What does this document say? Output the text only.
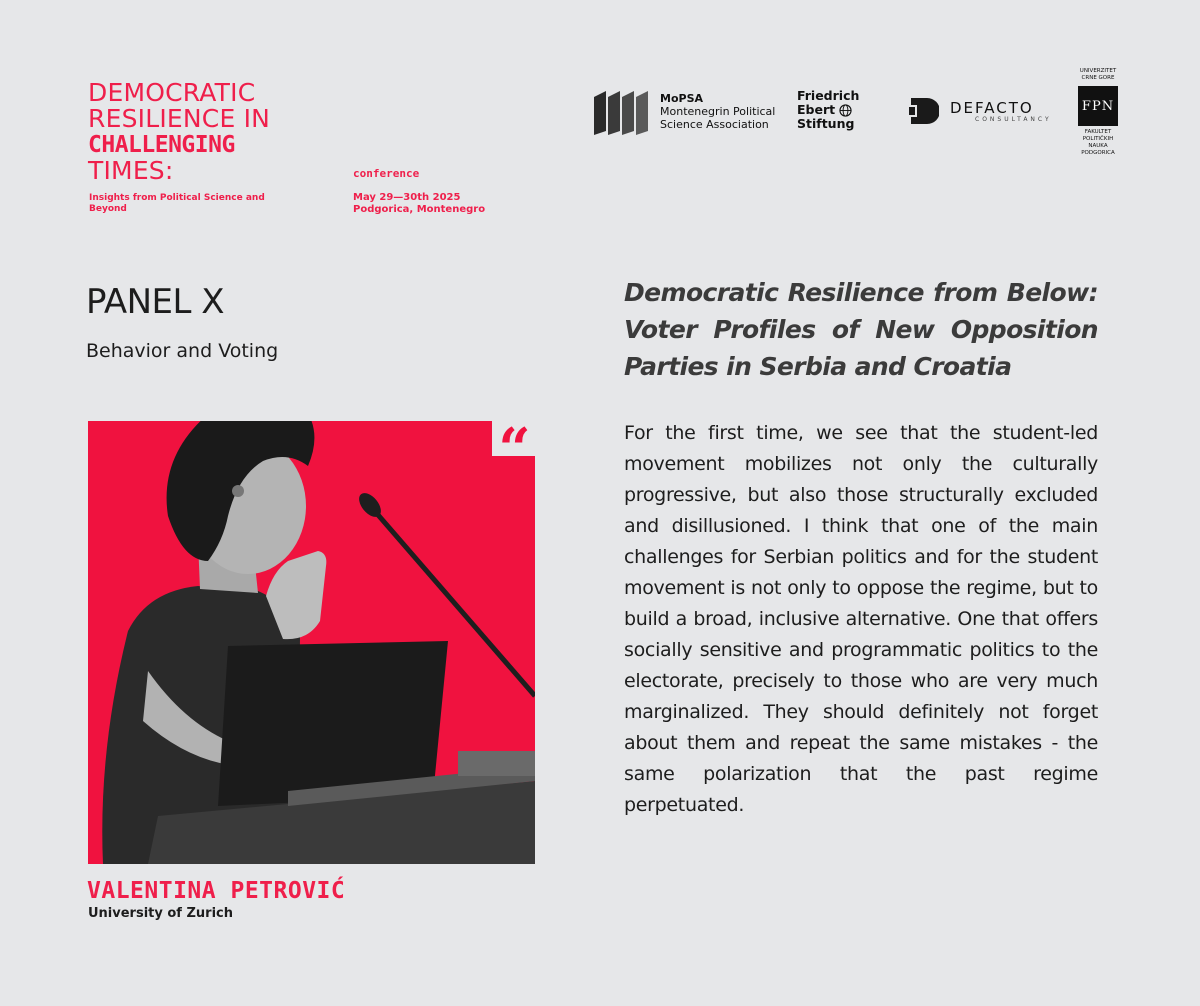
DEMOCRATIC
RESILIENCE IN
CHALLENGING
TIMES:
Insights from Political Science and Beyond
conference
May 29—30th 2025
Podgorica, Montenegro
MoPSA
Montenegrin Political
Science Association
Friedrich
Ebert
Stiftung
DEFACTO
CONSULTANCY
UNIVERZITET
CRNE GORE
FPN
FAKULTET
POLITIČKIH
NAUKA
PODGORICA
PANEL X
Behavior and Voting
“
VALENTINA PETROVIĆ
University of Zurich
Democratic Resilience from Below: Voter Profiles of New Opposition Parties in Serbia and Croatia
For the first time, we see that the student-led movement mobilizes not only the culturally progressive, but also those structurally excluded and disillusioned. I think that one of the main challenges for Serbian politics and for the student movement is not only to oppose the regime, but to build a broad, inclusive alternative. One that offers socially sensitive and programmatic politics to the electorate, precisely to those who are very much marginalized. They should definitely not forget about them and repeat the same mistakes - the same polarization that the past regime perpetuated.
